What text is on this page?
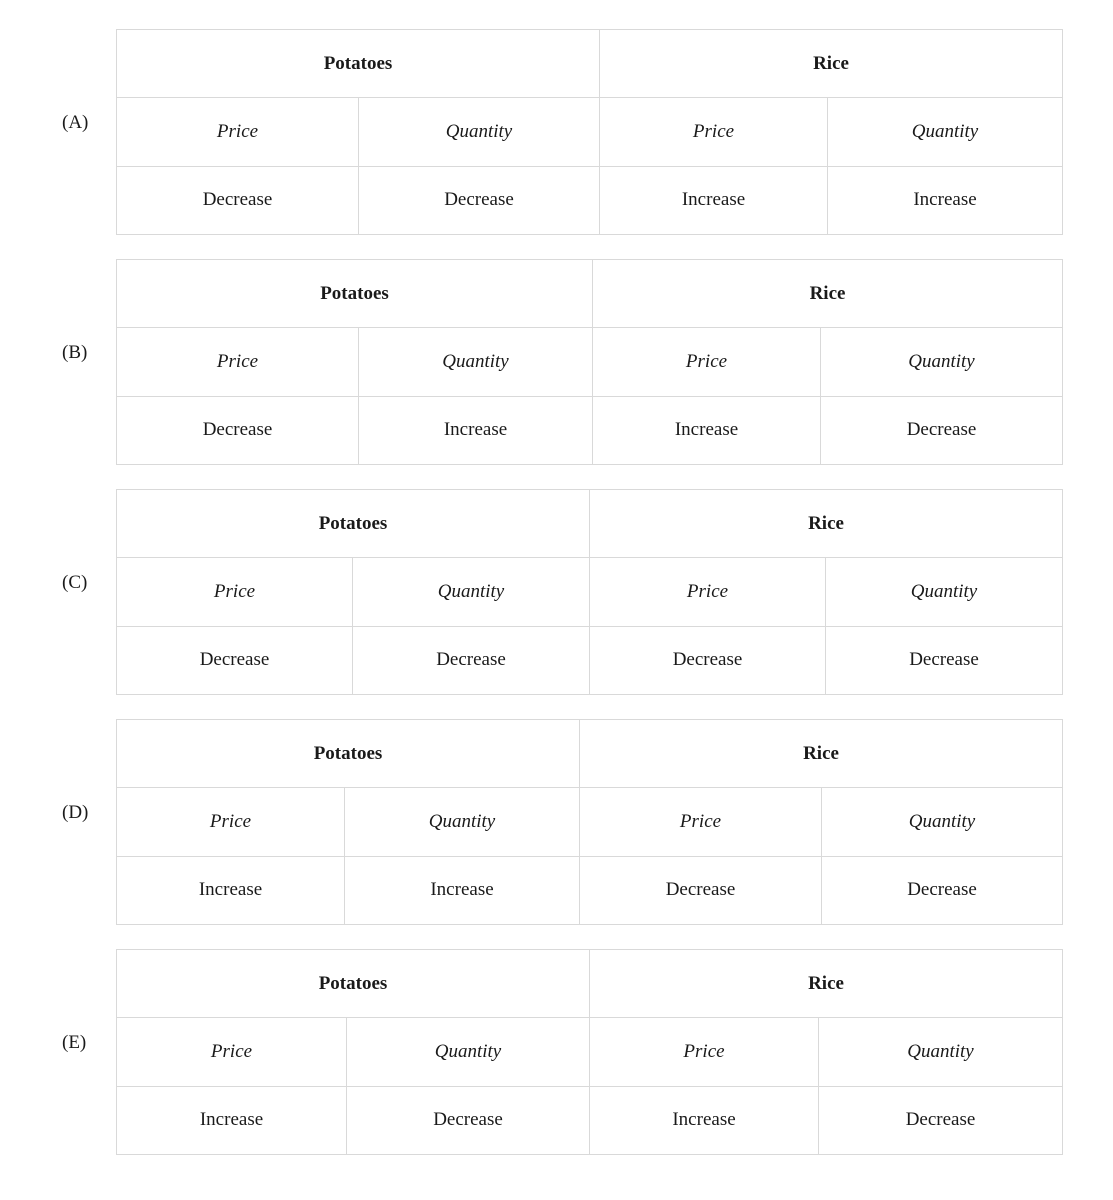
(A)
Potatoes		Rice	
Price	Quantity	Price	Quantity
Decrease	Decrease	Increase	Increase
(B)
Potatoes		Rice	
Price	Quantity	Price	Quantity
Decrease	Increase	Increase	Decrease
(C)
Potatoes		Rice	
Price	Quantity	Price	Quantity
Decrease	Decrease	Decrease	Decrease
(D)
Potatoes		Rice	
Price	Quantity	Price	Quantity
Increase	Increase	Decrease	Decrease
(E)
Potatoes		Rice	
Price	Quantity	Price	Quantity
Increase	Decrease	Increase	Decrease
